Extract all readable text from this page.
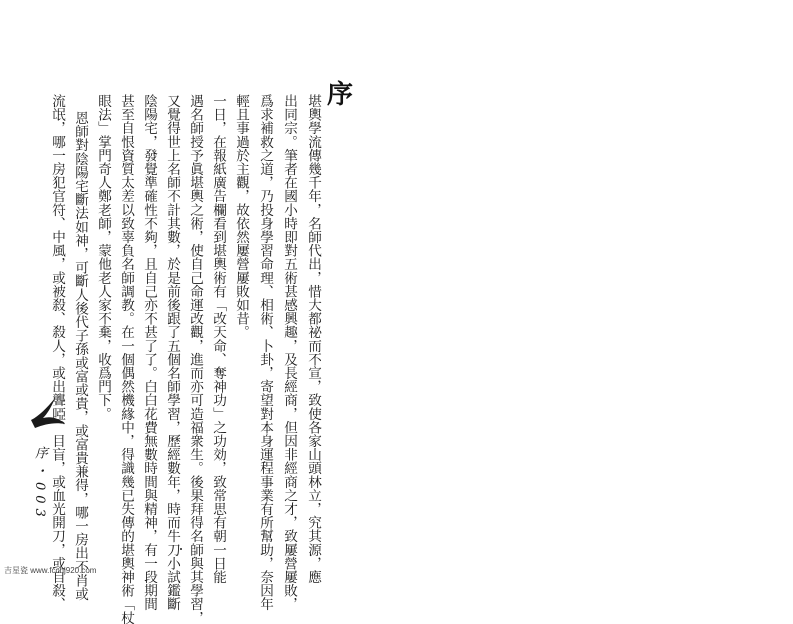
序
堪輿學流傳幾千年，名師代出，惜大都祕而不宣，致使各家山頭林立，究其源，應
出同宗。筆者在國小時即對五術甚感興趣，及長經商，但因非經商之才，致屢營屢敗，
爲求補救之道，乃投身學習命理、相術、卜卦，寄望對本身運程事業有所幫助，奈因年
輕且事過於主觀，故依然屢營屢敗如昔。
一日，在報紙廣告欄看到堪輿術有「改天命、奪神功」之功効，致常思有朝一日能
遇名師授予眞堪輿之術，使自己命運改觀，進而亦可造福衆生。後果拜得名師與其學習，
又覺得世上名師不計其數，於是前後跟了五個名師學習，歷經數年，時而牛刀小試鑑斷
陰陽宅，發覺準確性不夠，且自己亦不甚了了。白白花費無數時間與精神，有一段期間
甚至自恨資質太差以致辜負名師調教。在一個偶然機緣中，得識幾已失傳的堪輿神術「杖
眼法」掌門奇人鄭老師，蒙他老人家不棄，收爲門下。
恩師對陰陽宅斷法如神，可斷人後代子孫或富或貴，或富貴兼得，哪一房出不肖或
流氓，哪一房犯官符、中風，或被殺、殺人，或出聾啞、目盲，或血光開刀，或自殺、
序・003
吉星瓷 www.fcchj920.com
